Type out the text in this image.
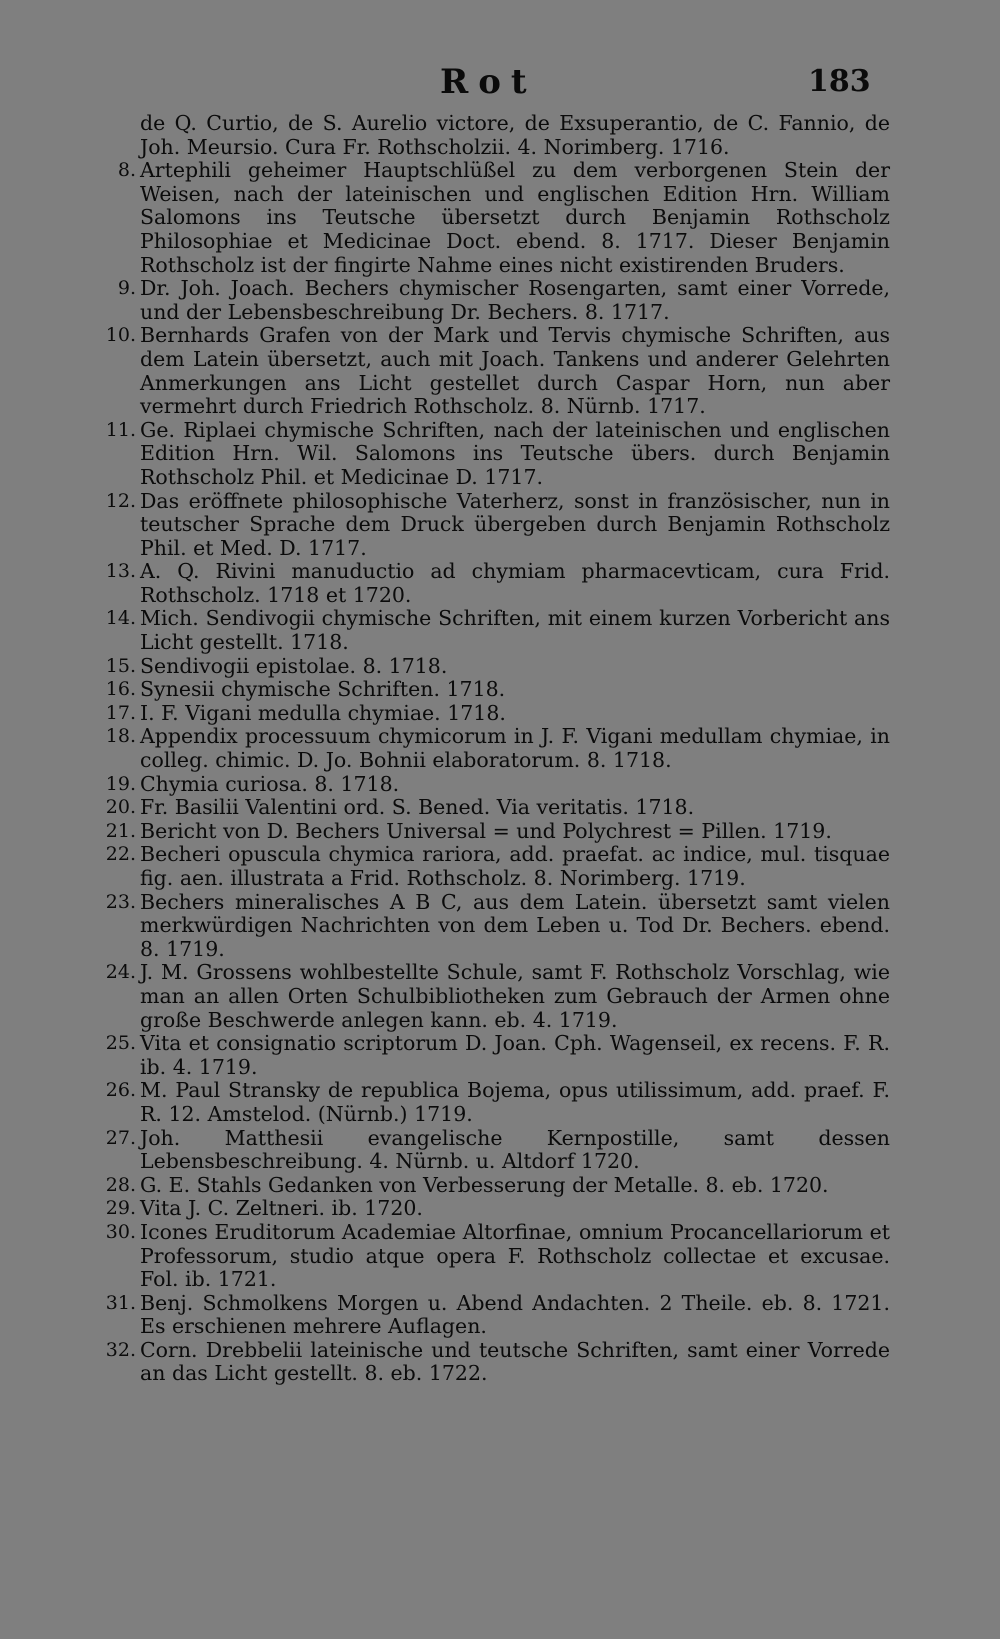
Rot	183
de Q. Curtio, de S. Aurelio victore, de Exsuperantio, de C. Fannio, de Joh. Meursio. Cura Fr. Rothscholzii. 4. Norimberg. 1716.
8. Artephili geheimer Hauptschlüßel zu dem verborgenen Stein der Weisen, nach der lateinischen und englischen Edition Hrn. William Salomons ins Teutsche übersetzt durch Benjamin Rothscholz Philosophiae et Medicinae Doct. ebend. 8. 1717. Dieser Benjamin Rothscholz ist der fingirte Nahme eines nicht existirenden Bruders.
9. Dr. Joh. Joach. Bechers chymischer Rosengarten, samt einer Vorrede, und der Lebensbeschreibung Dr. Bechers. 8. 1717.
10. Bernhards Grafen von der Mark und Tervis chymische Schriften, aus dem Latein übersetzt, auch mit Joach. Tankens und anderer Gelehrten Anmerkungen ans Licht gestellet durch Caspar Horn, nun aber vermehrt durch Friedrich Rothscholz. 8. Nürnb. 1717.
11. Ge. Riplaei chymische Schriften, nach der lateinischen und englischen Edition Hrn. Wil. Salomons ins Teutsche übers. durch Benjamin Rothscholz Phil. et Medicinae D. 1717.
12. Das eröffnete philosophische Vaterherz, sonst in französischer, nun in teutscher Sprache dem Druck übergeben durch Benjamin Rothscholz Phil. et Med. D. 1717.
13. A. Q. Rivini manuductio ad chymiam pharmacevticam, cura Frid. Rothscholz. 1718 et 1720.
14. Mich. Sendivogii chymische Schriften, mit einem kurzen Vorbericht ans Licht gestellt. 1718.
15. Sendivogii epistolae. 8. 1718.
16. Synesii chymische Schriften. 1718.
17. I. F. Vigani medulla chymiae. 1718.
18. Appendix processuum chymicorum in J. F. Vigani medullam chymiae, in colleg. chimic. D. Jo. Bohnii elaboratorum. 8. 1718.
19. Chymia curiosa. 8. 1718.
20. Fr. Basilii Valentini ord. S. Bened. Via veritatis. 1718.
21. Bericht von D. Bechers Universal = und Polychrest = Pillen. 1719.
22. Becheri opuscula chymica rariora, add. praefat. ac indice, mul. tisquae fig. aen. illustrata a Frid. Rothscholz. 8. Norimberg. 1719.
23. Bechers mineralisches A B C, aus dem Latein. übersetzt samt vielen merkwürdigen Nachrichten von dem Leben u. Tod Dr. Bechers. ebend. 8. 1719.
24. J. M. Grossens wohlbestellte Schule, samt F. Rothscholz Vorschlag, wie man an allen Orten Schulbibliotheken zum Gebrauch der Armen ohne große Beschwerde anlegen kann. eb. 4. 1719.
25. Vita et consignatio scriptorum D. Joan. Cph. Wagenseil, ex recens. F. R. ib. 4. 1719.
26. M. Paul Stransky de republica Bojema, opus utilissimum, add. praef. F. R. 12. Amstelod. (Nürnb.) 1719.
27. Joh. Matthesii evangelische Kernpostille, samt dessen Lebensbeschreibung. 4. Nürnb. u. Altdorf 1720.
28. G. E. Stahls Gedanken von Verbesserung der Metalle. 8. eb. 1720.
29. Vita J. C. Zeltneri. ib. 1720.
30. Icones Eruditorum Academiae Altorfinae, omnium Procancellariorum et Professorum, studio atque opera F. Rothscholz collectae et excusae. Fol. ib. 1721.
31. Benj. Schmolkens Morgen u. Abend Andachten. 2 Theile. eb. 8. 1721. Es erschienen mehrere Auflagen.
32. Corn. Drebbelii lateinische und teutsche Schriften, samt einer Vorrede an das Licht gestellt. 8. eb. 1722.
